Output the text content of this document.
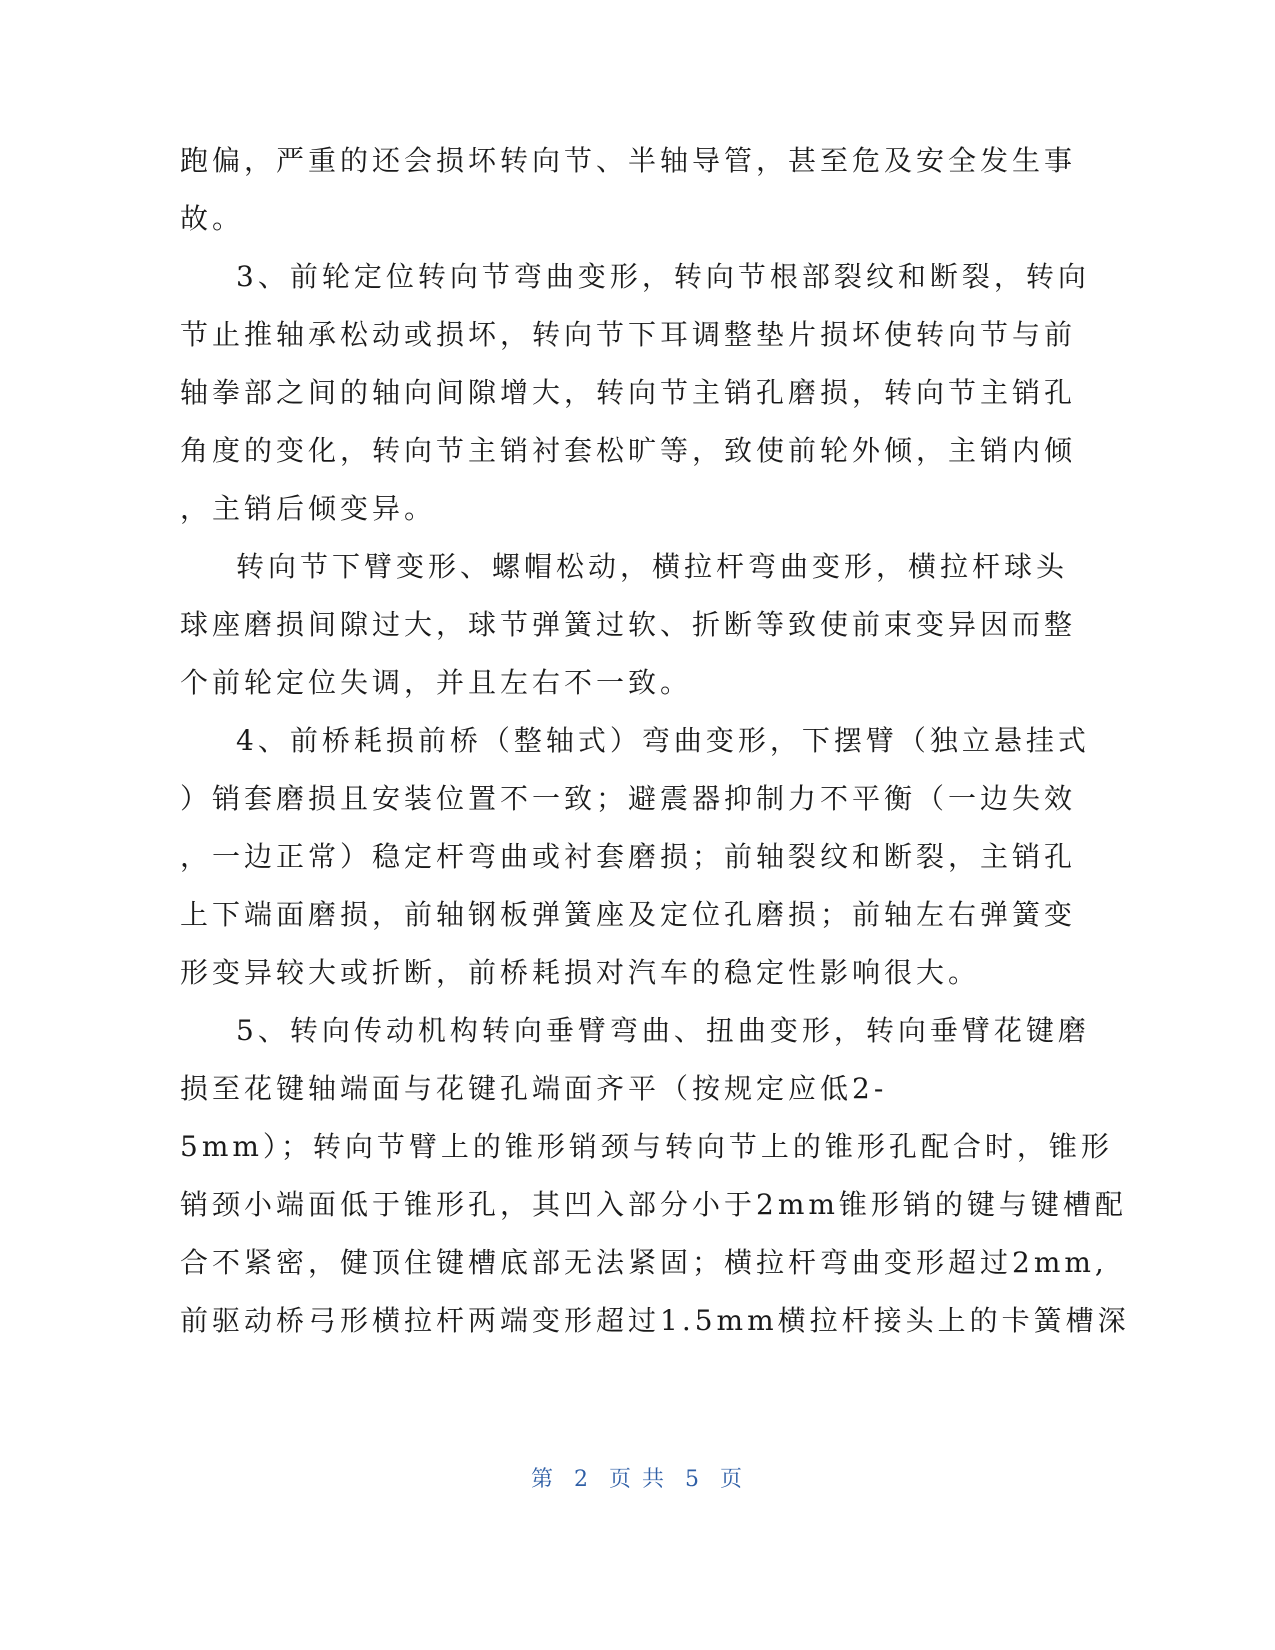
跑偏，严重的还会损坏转向节、半轴导管，甚至危及安全发生事
故。
3、前轮定位转向节弯曲变形，转向节根部裂纹和断裂，转向
节止推轴承松动或损坏，转向节下耳调整垫片损坏使转向节与前
轴拳部之间的轴向间隙增大，转向节主销孔磨损，转向节主销孔
角度的变化，转向节主销衬套松旷等，致使前轮外倾，主销内倾
，主销后倾变异。
转向节下臂变形、螺帽松动，横拉杆弯曲变形，横拉杆球头
球座磨损间隙过大，球节弹簧过软、折断等致使前束变异因而整
个前轮定位失调，并且左右不一致。
4、前桥耗损前桥（整轴式）弯曲变形，下摆臂（独立悬挂式
）销套磨损且安装位置不一致；避震器抑制力不平衡（一边失效
，一边正常）稳定杆弯曲或衬套磨损；前轴裂纹和断裂，主销孔
上下端面磨损，前轴钢板弹簧座及定位孔磨损；前轴左右弹簧变
形变异较大或折断，前桥耗损对汽车的稳定性影响很大。
5、转向传动机构转向垂臂弯曲、扭曲变形，转向垂臂花键磨
损至花键轴端面与花键孔端面齐平（按规定应低2-
5mm）；转向节臂上的锥形销颈与转向节上的锥形孔配合时，锥形
销颈小端面低于锥形孔，其凹入部分小于2mm锥形销的键与键槽配
合不紧密，健顶住键槽底部无法紧固；横拉杆弯曲变形超过2mm,
前驱动桥弓形横拉杆两端变形超过1.5mm横拉杆接头上的卡簧槽深
第 2 页 共 5 页
